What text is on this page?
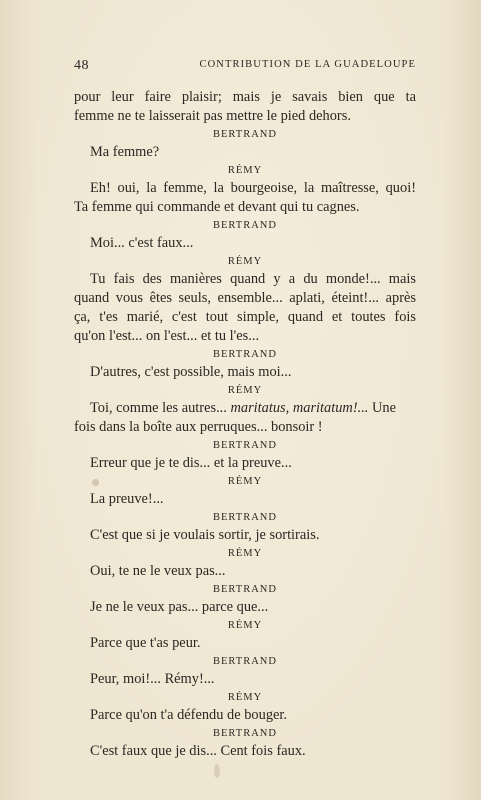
48	CONTRIBUTION DE LA GUADELOUPE
pour leur faire plaisir; mais je savais bien que ta
femme ne te laisserait pas mettre le pied dehors.
BERTRAND
Ma femme?
RÉMY
Eh! oui, la femme, la bourgeoise, la maîtresse, quoi!
Ta femme qui commande et devant qui tu cagnes.
BERTRAND
Moi... c'est faux...
RÉMY
Tu fais des manières quand y a du monde!... mais
quand vous êtes seuls, ensemble... aplati, éteint!... après
ça, t'es marié, c'est tout simple, quand et toutes fois
qu'on l'est... on l'est... et tu l'es...
BERTRAND
D'autres, c'est possible, mais moi...
RÉMY
Toi, comme les autres... maritatus, maritatum!... Une
fois dans la boîte aux perruques... bonsoir !
BERTRAND
Erreur que je te dis... et la preuve...
RÉMY
La preuve!...
BERTRAND
C'est que si je voulais sortir, je sortirais.
RÉMY
Oui, te ne le veux pas...
BERTRAND
Je ne le veux pas... parce que...
RÉMY
Parce que t'as peur.
BERTRAND
Peur, moi!... Rémy!...
RÉMY
Parce qu'on t'a défendu de bouger.
BERTRAND
C'est faux que je dis... Cent fois faux.
